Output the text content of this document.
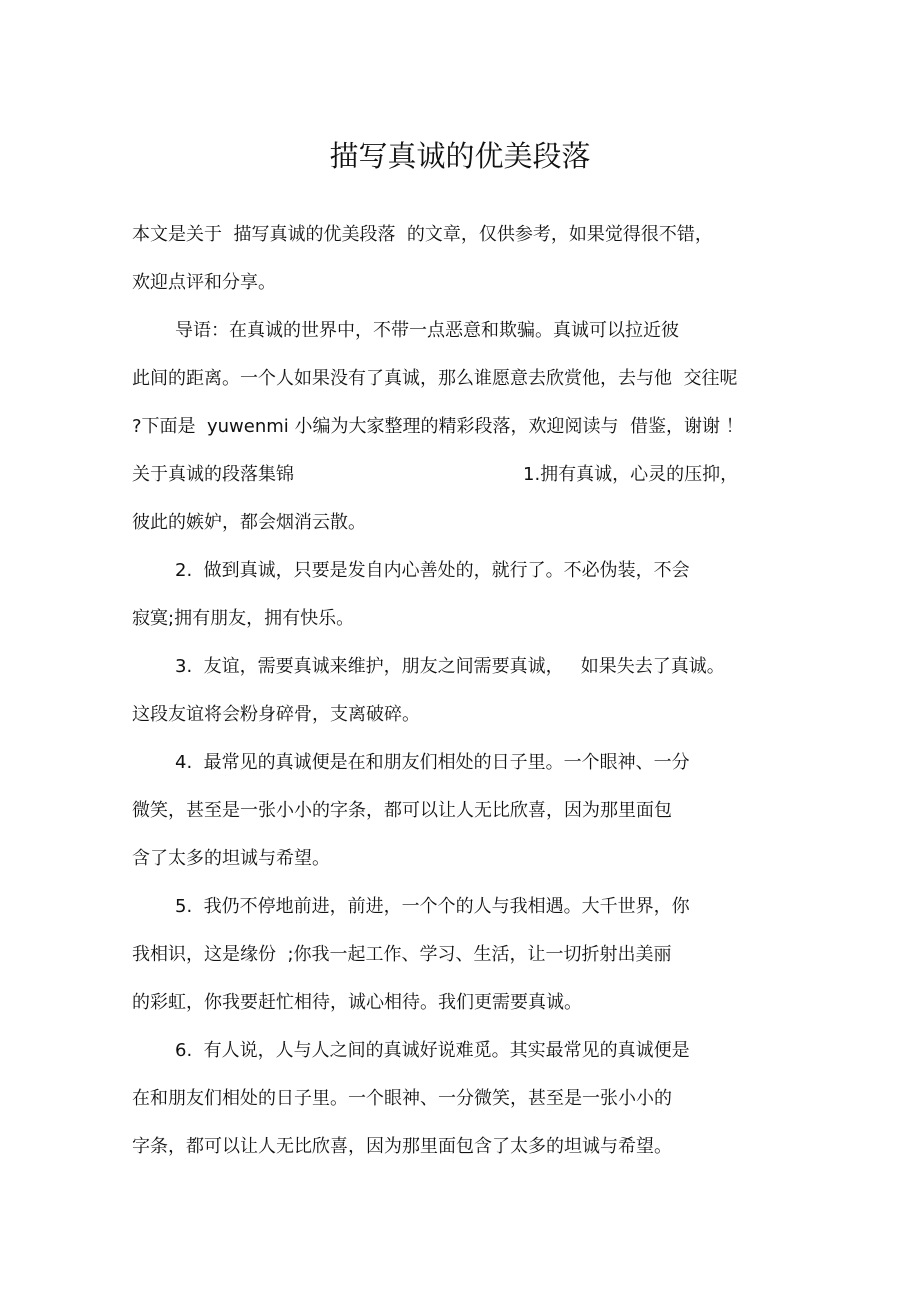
描写真诚的优美段落
本文是关于  描写真诚的优美段落  的文章，仅供参考，如果觉得很不错，
欢迎点评和分享。
导语：在真诚的世界中，不带一点恶意和欺骗。真诚可以拉近彼
此间的距离。一个人如果没有了真诚，那么谁愿意去欣赏他，去与他  交往呢
?下面是  yuwenmi 小编为大家整理的精彩段落，欢迎阅读与  借鉴，谢谢 ！
关于真诚的段落集锦	1.拥有真诚，心灵的压抑，
彼此的嫉妒，都会烟消云散。
2.  做到真诚，只要是发自内心善处的，就行了。不必伪装，不会
寂寞;拥有朋友，拥有快乐。
3.  友谊，需要真诚来维护，朋友之间需要真诚，   如果失去了真诚。
这段友谊将会粉身碎骨，支离破碎。
4.  最常见的真诚便是在和朋友们相处的日子里。一个眼神、一分
微笑，甚至是一张小小的字条，都可以让人无比欣喜，因为那里面包
含了太多的坦诚与希望。
5.  我仍不停地前进，前进，一个个的人与我相遇。大千世界，你
我相识，这是缘份  ;你我一起工作、学习、生活，让一切折射出美丽
的彩虹，你我要赶忙相待，诚心相待。我们更需要真诚。
6.  有人说，人与人之间的真诚好说难觅。其实最常见的真诚便是
在和朋友们相处的日子里。一个眼神、一分微笑，甚至是一张小小的
字条，都可以让人无比欣喜，因为那里面包含了太多的坦诚与希望。
